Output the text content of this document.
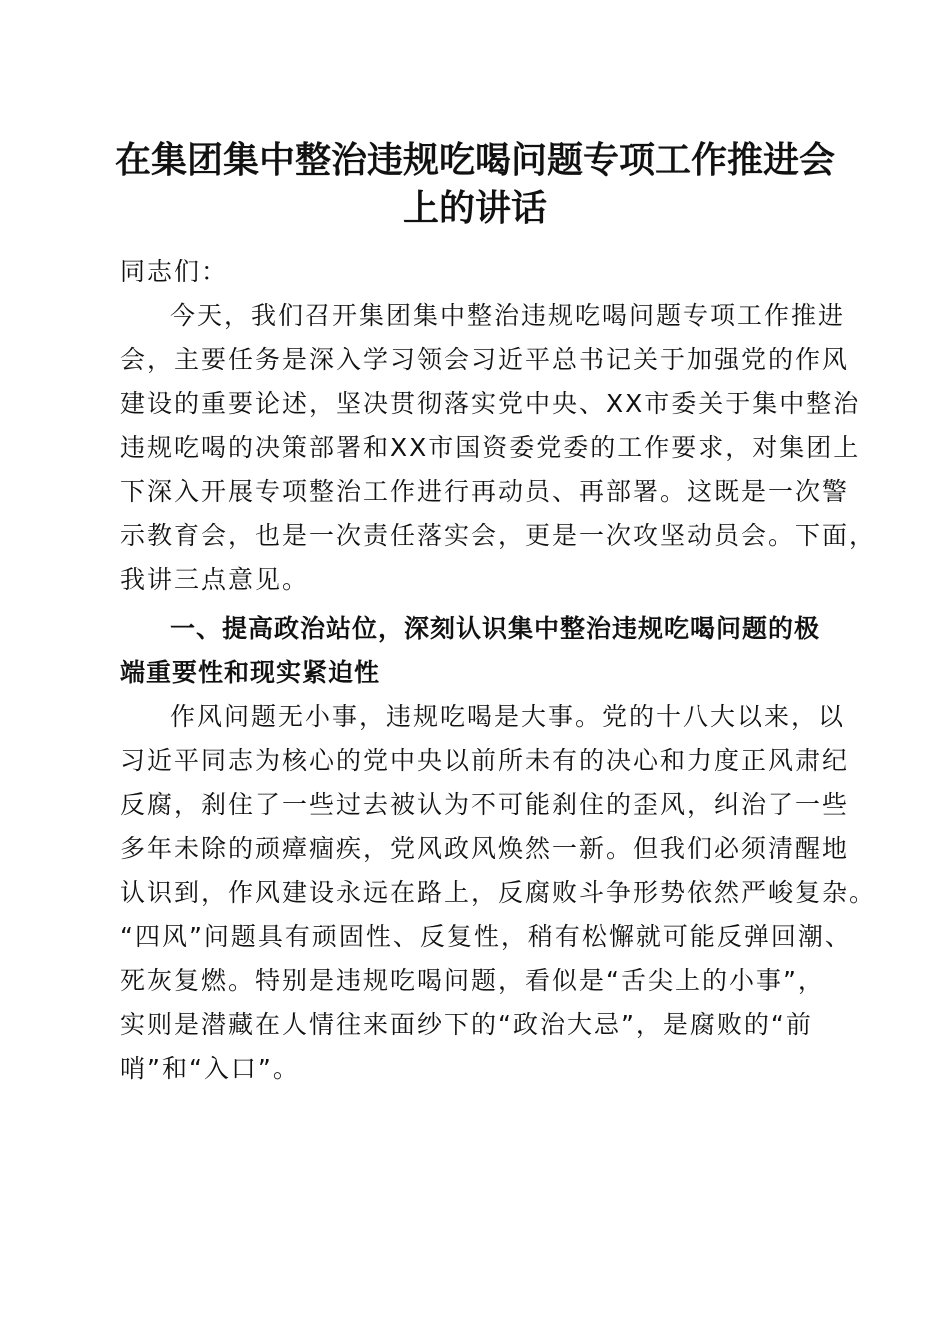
在集团集中整治违规吃喝问题专项工作推进会
上的讲话
同志们：
今天，我们召开集团集中整治违规吃喝问题专项工作推进
会，主要任务是深入学习领会习近平总书记关于加强党的作风
建设的重要论述，坚决贯彻落实党中央、XX市委关于集中整治
违规吃喝的决策部署和XX市国资委党委的工作要求，对集团上
下深入开展专项整治工作进行再动员、再部署。这既是一次警
示教育会，也是一次责任落实会，更是一次攻坚动员会。下面，
我讲三点意见。
一、提高政治站位，深刻认识集中整治违规吃喝问题的极
端重要性和现实紧迫性
作风问题无小事，违规吃喝是大事。党的十八大以来，以
习近平同志为核心的党中央以前所未有的决心和力度正风肃纪
反腐，刹住了一些过去被认为不可能刹住的歪风，纠治了一些
多年未除的顽瘴痼疾，党风政风焕然一新。但我们必须清醒地
认识到，作风建设永远在路上，反腐败斗争形势依然严峻复杂。
“四风”问题具有顽固性、反复性，稍有松懈就可能反弹回潮、
死灰复燃。特别是违规吃喝问题，看似是“舌尖上的小事”，
实则是潜藏在人情往来面纱下的“政治大忌”，是腐败的“前
哨”和“入口”。
